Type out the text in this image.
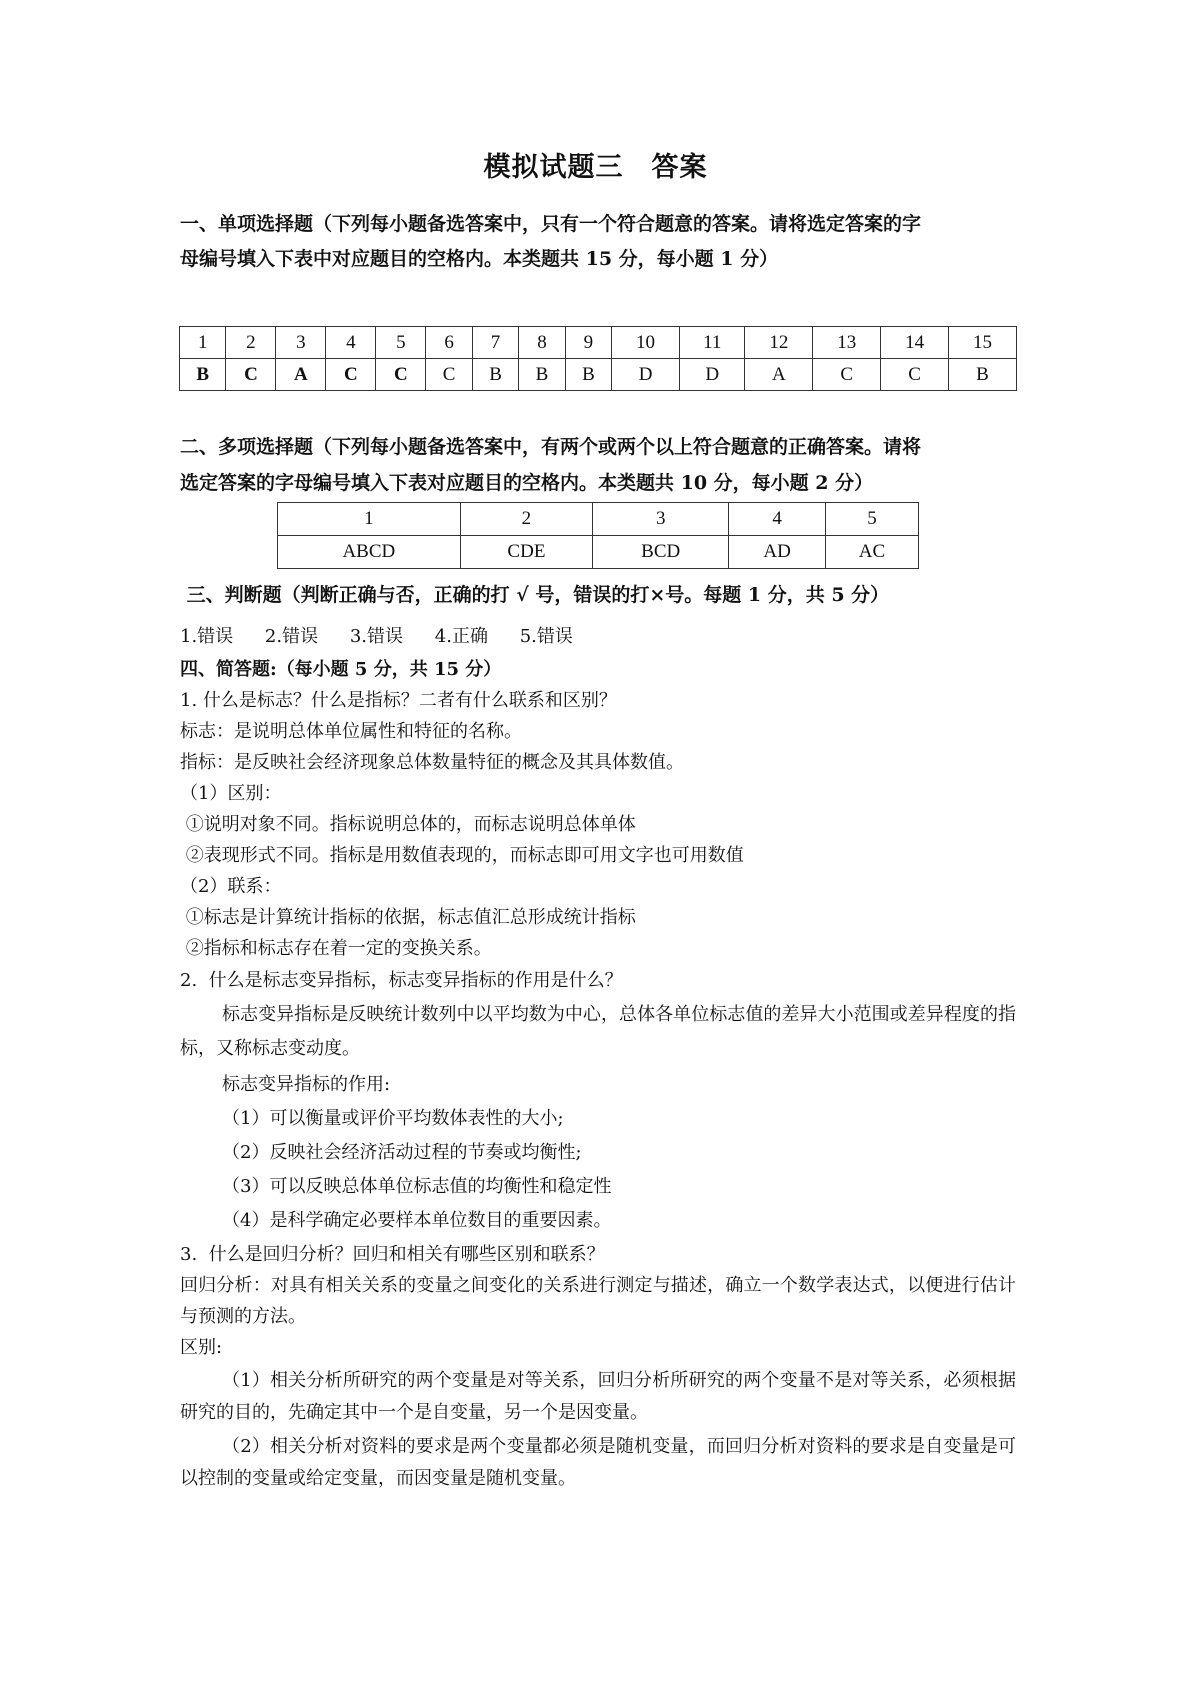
模拟试题三　答案
一、单项选择题（下列每小题备选答案中，只有一个符合题意的答案。请将选定答案的字
母编号填入下表中对应题目的空格内。本类题共 15 分，每小题 1 分）
1	2	3	4	5	6	7	8	9	10	11	12	13	14	15
B	C	A	C	C	C	B	B	B	D	D	A	C	C	B
二、多项选择题（下列每小题备选答案中，有两个或两个以上符合题意的正确答案。请将
选定答案的字母编号填入下表对应题目的空格内。本类题共 10 分，每小题 2 分）
1	2	3	4	5
ABCD	CDE	BCD	AD	AC
三、判断题（判断正确与否，正确的打 √ 号，错误的打×号。每题 1 分，共 5 分）
1.错误 2.错误 3.错误 4.正确 5.错误
四、简答题:（每小题 5 分，共 15 分）
1. 什么是标志？什么是指标？二者有什么联系和区别？
标志：是说明总体单位属性和特征的名称。
指标：是反映社会经济现象总体数量特征的概念及其具体数值。
（1）区别：
①说明对象不同。指标说明总体的，而标志说明总体单体
②表现形式不同。指标是用数值表现的，而标志即可用文字也可用数值
（2）联系：
①标志是计算统计指标的依据，标志值汇总形成统计指标
②指标和标志存在着一定的变换关系。
2.  什么是标志变异指标，标志变异指标的作用是什么？
标志变异指标是反映统计数列中以平均数为中心，总体各单位标志值的差异大小范围或差异程度的指标，又称标志变动度。
标志变异指标的作用:
（1）可以衡量或评价平均数体表性的大小;
（2）反映社会经济活动过程的节奏或均衡性;
（3）可以反映总体单位标志值的均衡性和稳定性
（4）是科学确定必要样本单位数目的重要因素。
3.  什么是回归分析？回归和相关有哪些区别和联系？
回归分析：对具有相关关系的变量之间变化的关系进行测定与描述，确立一个数学表达式，以便进行估计与预测的方法。
区别:
（1）相关分析所研究的两个变量是对等关系，回归分析所研究的两个变量不是对等关系，必须根据研究的目的，先确定其中一个是自变量，另一个是因变量。
（2）相关分析对资料的要求是两个变量都必须是随机变量，而回归分析对资料的要求是自变量是可以控制的变量或给定变量，而因变量是随机变量。
